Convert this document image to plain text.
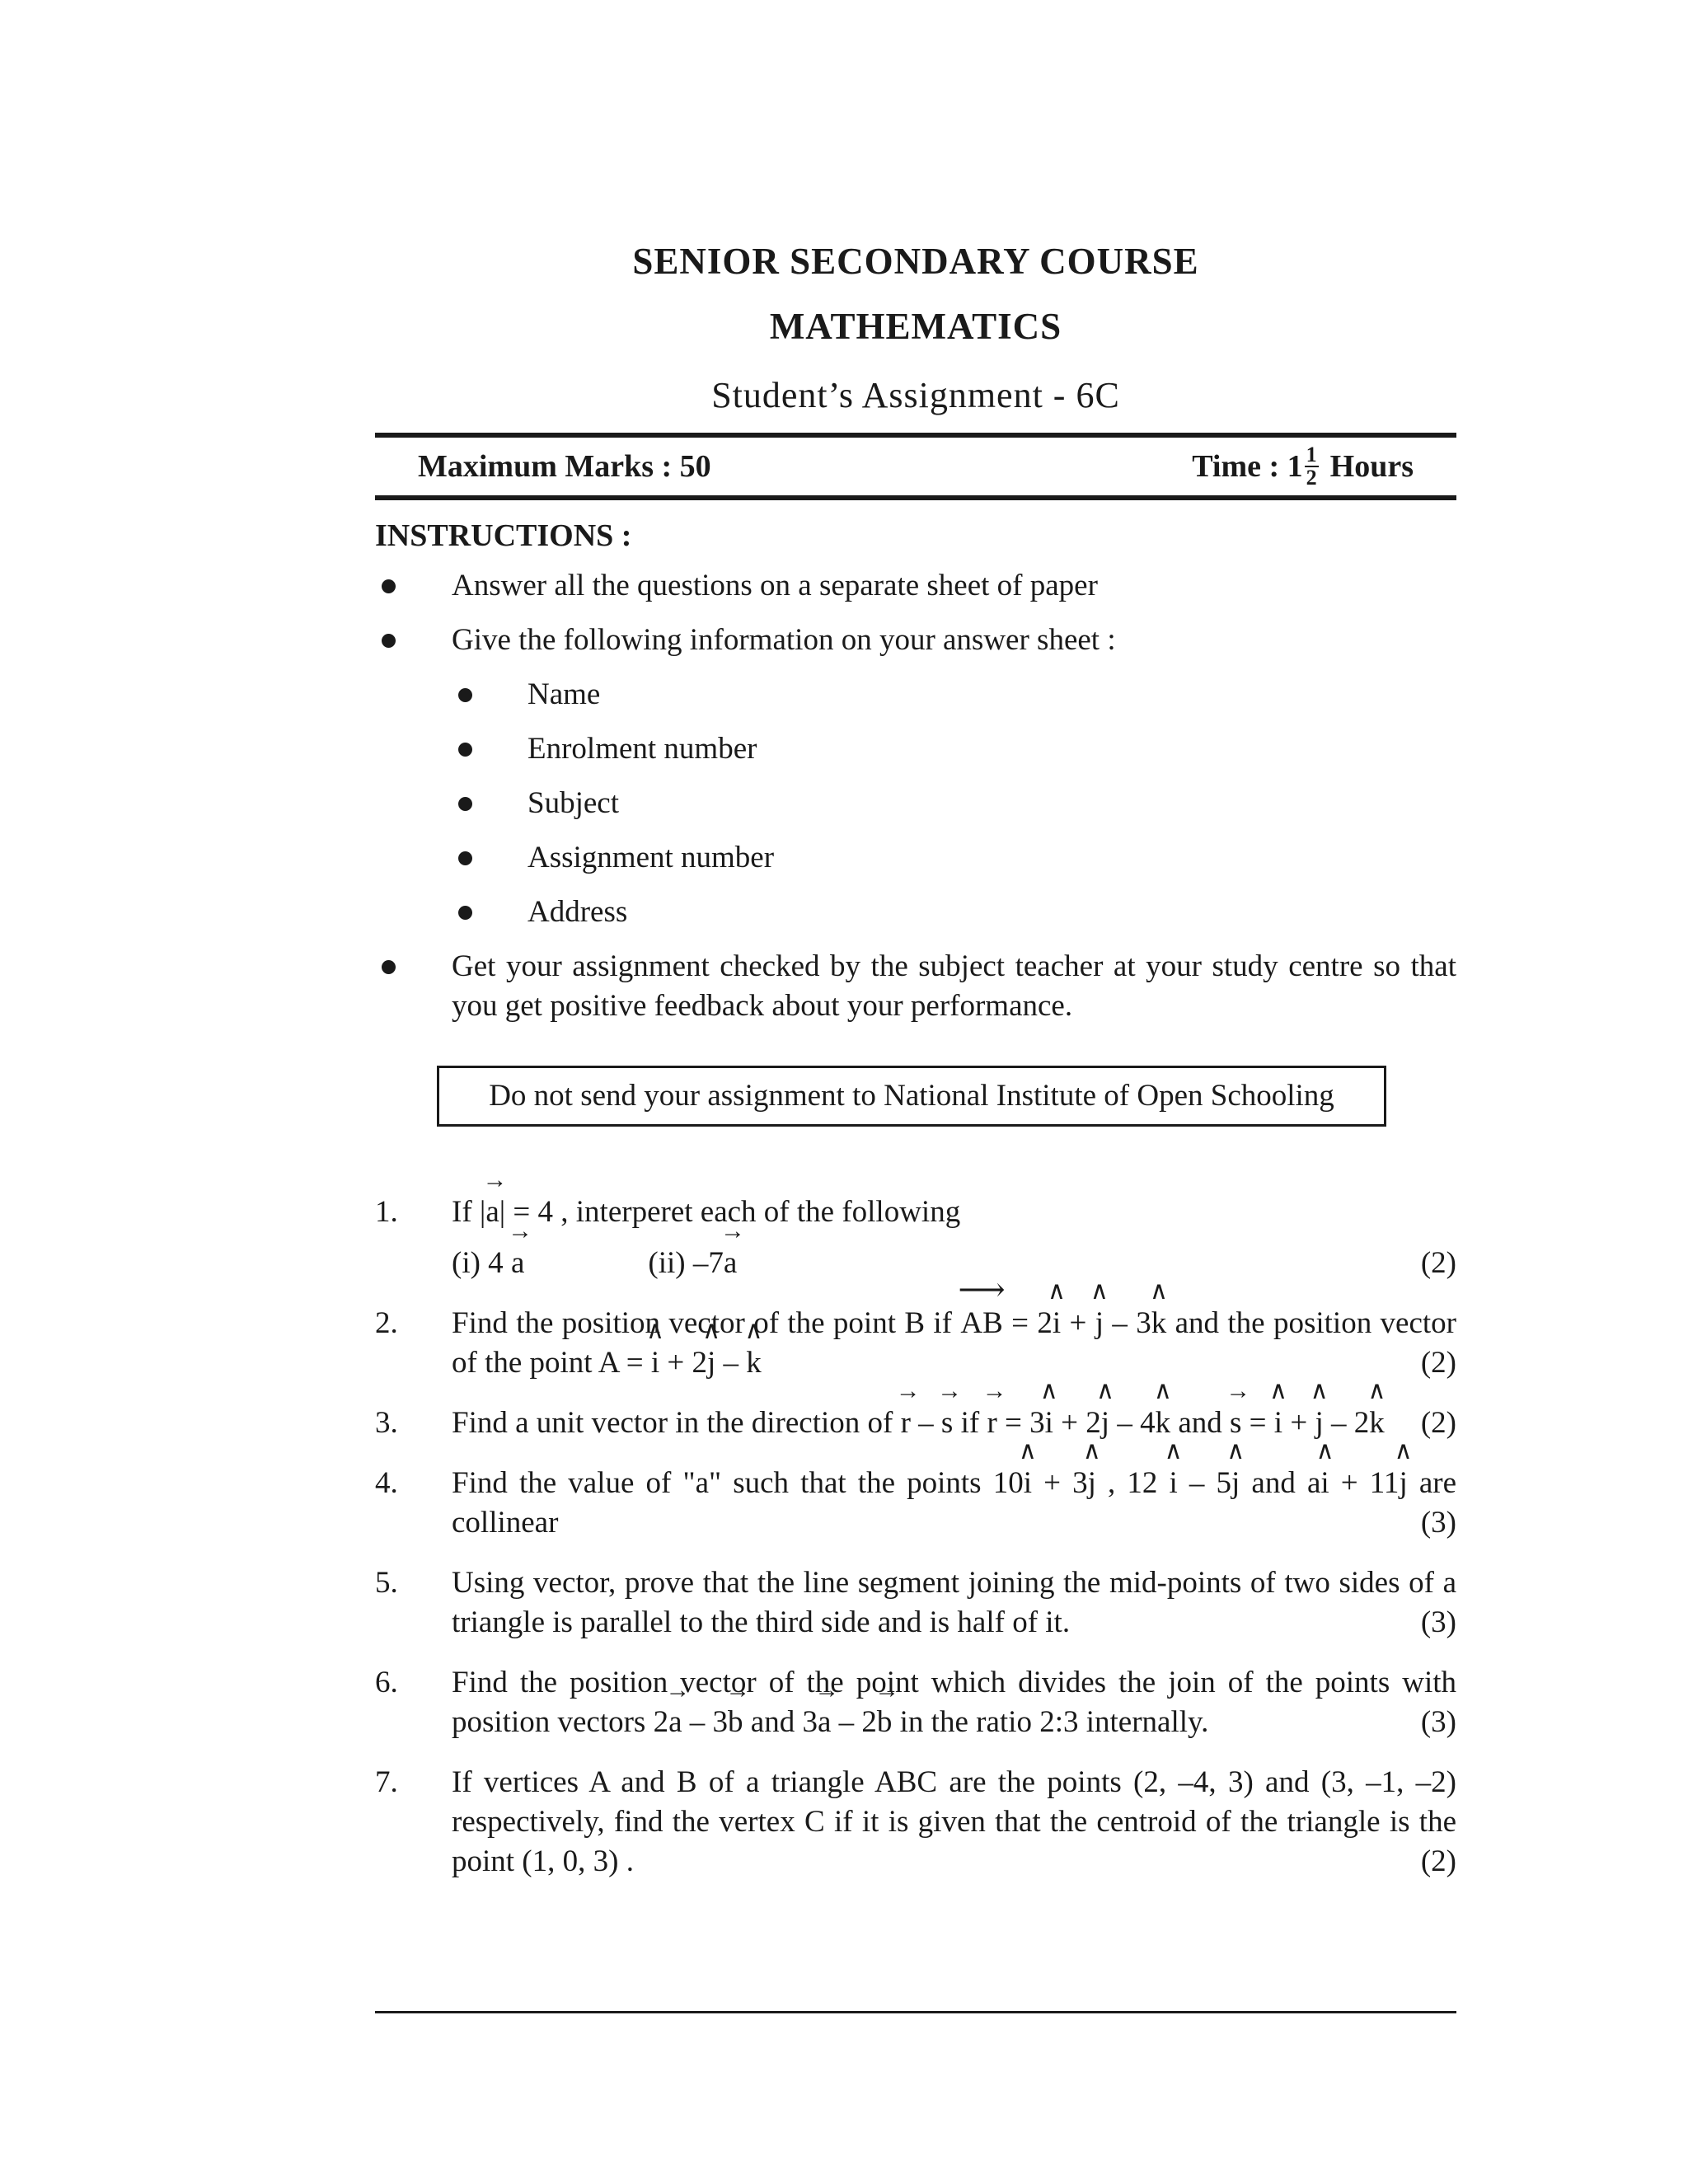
SENIOR SECONDARY COURSE
MATHEMATICS
Student’s Assignment - 6C
Maximum Marks : 50	Time : $1 \frac{1}{2}$ Hours
INSTRUCTIONS :
Answer all the questions on a separate sheet of paper
Give the following information on your answer sheet :
Name
Enrolment number
Subject
Assignment number
Address
Get your assignment checked by the subject teacher at your study centre so that you get positive feedback about your performance.
Do not send your assignment to National Institute of Open Schooling
1. If |→ a| = 4 , interperet each of the following
(i) 4 → a	(ii) –7→ a	(2)
2. Find the position vector of the point B if ⟶ AB = 2∧ i + ∧ j – 3∧ k and the position vector of the point A = ∧ i + 2∧ j – ∧ k	(2)
3. Find a unit vector in the direction of → r – → s if → r = 3∧ i + 2∧ j – 4∧ k and → s = ∧ i + ∧ j – 2∧ k (2)
4. Find the value of "a" such that the points 10∧ i + 3∧ j , 12 ∧ i – 5∧ j and a∧ i + 11∧ j are collinear	(3)
5. Using vector, prove that the line segment joining the mid-points of two sides of a triangle is parallel to the third side and is half of it.	(3)
6. Find the position vector of the point which divides the join of the points with position vectors 2→ a – 3→ b and 3→ a – 2→ b in the ratio 2:3 internally.	(3)
7. If vertices A and B of a triangle ABC are the points (2, –4, 3) and (3, –1, –2) respectively, find the vertex C if it is given that the centroid of the triangle is the point (1, 0, 3) .	(2)
